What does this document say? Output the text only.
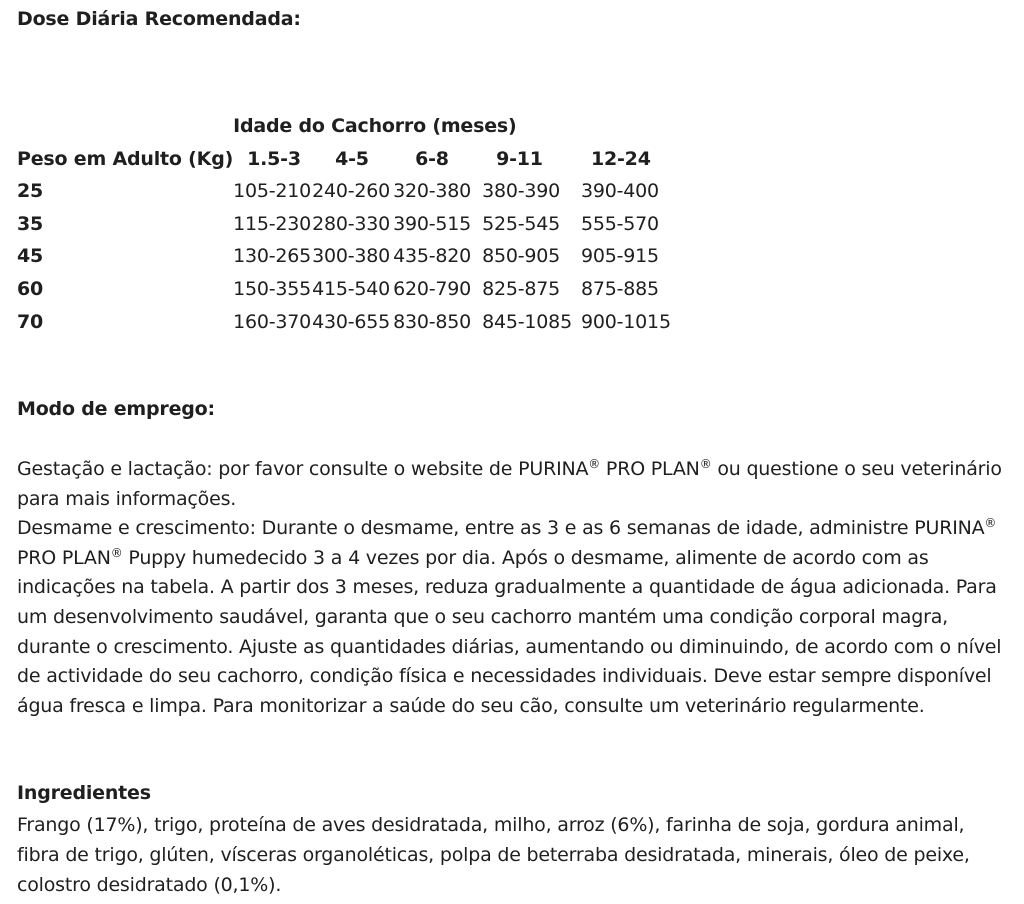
Dose Diária Recomendada:
	Idade do Cachorro (meses)				
Peso em Adulto (Kg)	1.5-3	4-5	6-8	9-11	12-24
25	105-210	240-260	320-380	380-390	390-400
35	115-230	280-330	390-515	525-545	555-570
45	130-265	300-380	435-820	850-905	905-915
60	150-355	415-540	620-790	825-875	875-885
70	160-370	430-655	830-850	845-1085	900-1015
Modo de emprego:

Gestação e lactação: por favor consulte o website de PURINA® PRO PLAN® ou questione o seu veterinário para mais informações.

Desmame e crescimento: Durante o desmame, entre as 3 e as 6 semanas de idade, administre PURINA® PRO PLAN® Puppy humedecido 3 a 4 vezes por dia. Após o desmame, alimente de acordo com as indicações na tabela. A partir dos 3 meses, reduza gradualmente a quantidade de água adicionada. Para um desenvolvimento saudável, garanta que o seu cachorro mantém uma condição corporal magra, durante o crescimento. Ajuste as quantidades diárias, aumentando ou diminuindo, de acordo com o nível de actividade do seu cachorro, condição física e necessidades individuais. Deve estar sempre disponível água fresca e limpa. Para monitorizar a saúde do seu cão, consulte um veterinário regularmente.

Ingredientes
Frango (17%), trigo, proteína de aves desidratada, milho, arroz (6%), farinha de soja, gordura animal, fibra de trigo, glúten, vísceras organoléticas, polpa de beterraba desidratada, minerais, óleo de peixe, colostro desidratado (0,1%).
